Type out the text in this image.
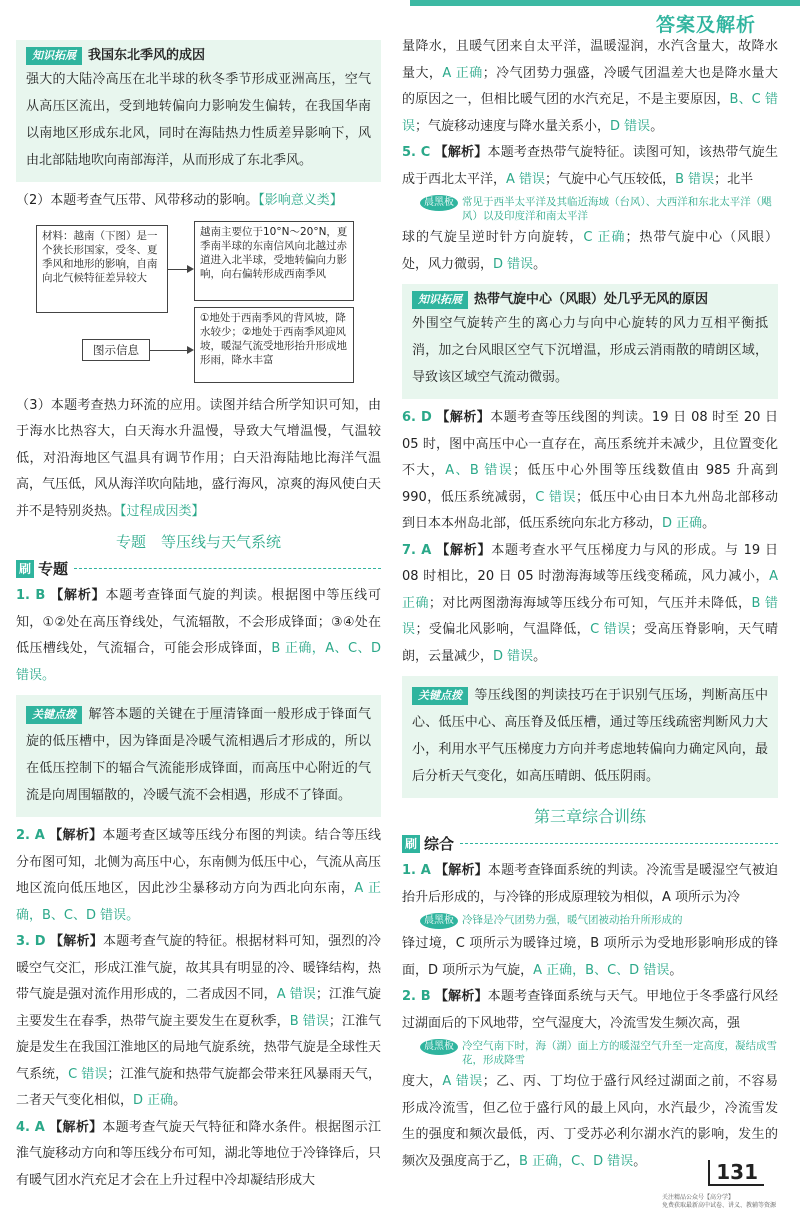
答案及解析
知识拓展 我国东北季风的成因

强大的大陆冷高压在北半球的秋冬季节形成亚洲高压，空气从高压区流出，受到地转偏向力影响发生偏转，在我国华南以南地区形成东北风，同时在海陆热力性质差异影响下，风由北部陆地吹向南部海洋，从而形成了东北季风。

（2）本题考查气压带、风带移动的影响。【影响意义类】

材料：越南（下图）是一个狭长形国家，受冬、夏季风和地形的影响，自南向北气候特征差异较大
越南主要位于10°N～20°N，夏季南半球的东南信风向北越过赤道进入北半球，受地转偏向力影响，向右偏转形成西南季风
图示信息
①地处于西南季风的背风坡，降水较少；②地处于西南季风迎风坡，暖湿气流受地形抬升形成地形雨，降水丰富

（3）本题考查热力环流的应用。读图并结合所学知识可知，由于海水比热容大，白天海水升温慢，导致大气增温慢，气温较低，对沿海地区气温具有调节作用；白天沿海陆地比海洋气温高，气压低，风从海洋吹向陆地，盛行海风，凉爽的海风使白天并不是特别炎热。【过程成因类】

专题　等压线与天气系统
刷 专题

1. B 【解析】本题考查锋面气旋的判读。根据图中等压线可知，①②处在高压脊线处，气流辐散，不会形成锋面；③④处在低压槽线处，气流辐合，可能会形成锋面，B 正确，A、C、D 错误。

关键点拨 解答本题的关键在于厘清锋面一般形成于锋面气旋的低压槽中，因为锋面是冷暖气流相遇后才形成的，所以在低压控制下的辐合气流能形成锋面，而高压中心附近的气流是向周围辐散的，冷暖气流不会相遇，形成不了锋面。

2. A 【解析】本题考查区域等压线分布图的判读。结合等压线分布图可知，北侧为高压中心，东南侧为低压中心，气流从高压地区流向低压地区，因此沙尘暴移动方向为西北向东南，A 正确，B、C、D 错误。

3. D 【解析】本题考查气旋的特征。根据材料可知，强烈的冷暖空气交汇，形成江淮气旋，故其具有明显的冷、暖锋结构，热带气旋是强对流作用形成的，二者成因不同，A 错误；江淮气旋主要发生在春季，热带气旋主要发生在夏秋季，B 错误；江淮气旋是发生在我国江淮地区的局地气旋系统，热带气旋是全球性天气系统，C 错误；江淮气旋和热带气旋都会带来狂风暴雨天气，二者天气变化相似，D 正确。

4. A 【解析】本题考查气旋天气特征和降水条件。根据图示江淮气旋移动方向和等压线分布可知，湖北等地位于冷锋锋后，只有暖气团水汽充足才会在上升过程中冷却凝结形成大

量降水，且暖气团来自太平洋，温暖湿润，水汽含量大，故降水量大，A 正确；冷气团势力强盛，冷暖气团温差大也是降水量大的原因之一，但相比暖气团的水汽充足，不是主要原因，B、C 错误；气旋移动速度与降水量关系小，D 错误。

5. C 【解析】本题考查热带气旋特征。读图可知，该热带气旋生成于西北太平洋，A 错误；气旋中心气压较低，B 错误；北半

晨黑板 常见于西半太平洋及其临近海域（台风）、大西洋和东北太平洋（飓风）以及印度洋和南太平洋

球的气旋呈逆时针方向旋转，C 正确；热带气旋中心（风眼）处，风力微弱，D 错误。

知识拓展 热带气旋中心（风眼）处几乎无风的原因

外围空气旋转产生的离心力与向中心旋转的风力互相平衡抵消，加之台风眼区空气下沉增温，形成云消雨散的晴朗区域，导致该区域空气流动微弱。

6. D 【解析】本题考查等压线图的判读。19 日 08 时至 20 日 05 时，图中高压中心一直存在，高压系统并未减少，且位置变化不大，A、B 错误；低压中心外围等压线数值由 985 升高到 990，低压系统减弱，C 错误；低压中心由日本九州岛北部移动到日本本州岛北部，低压系统向东北方移动，D 正确。

7. A 【解析】本题考查水平气压梯度力与风的形成。与 19 日 08 时相比，20 日 05 时渤海海域等压线变稀疏，风力减小，A 正确；对比两图渤海海域等压线分布可知，气压并未降低，B 错误；受偏北风影响，气温降低，C 错误；受高压脊影响，天气晴朗，云量减少，D 错误。

关键点拨 等压线图的判读技巧在于识别气压场，判断高压中心、低压中心、高压脊及低压槽，通过等压线疏密判断风力大小，利用水平气压梯度力方向并考虑地转偏向力确定风向，最后分析天气变化，如高压晴朗、低压阴雨。

第三章综合训练
刷 综合

1. A 【解析】本题考查锋面系统的判读。冷流雪是暖湿空气被迫抬升后形成的，与冷锋的形成原理较为相似，A 项所示为冷

晨黑板 冷锋是冷气团势力强，暖气团被动抬升所形成的

锋过境，C 项所示为暖锋过境，B 项所示为受地形影响形成的锋面，D 项所示为气旋，A 正确，B、C、D 错误。

2. B 【解析】本题考查锋面系统与天气。甲地位于冬季盛行风经过湖面后的下风地带，空气湿度大，冷流雪发生频次高，强

晨黑板 冷空气南下时，海（湖）面上方的暖湿空气升至一定高度，凝结成雪花，形成降雪

度大，A 错误；乙、丙、丁均位于盛行风经过湖面之前，不容易形成冷流雪，但乙位于盛行风的最上风向，水汽最少，冷流雪发生的强度和频次最低，丙、丁受苏必利尔湖水汽的影响，发生的频次及强度高于乙，B 正确，C、D 错误。	131
关注精品公众号【高分学】
免费获取最新高中试卷、讲义、教辅等资源
